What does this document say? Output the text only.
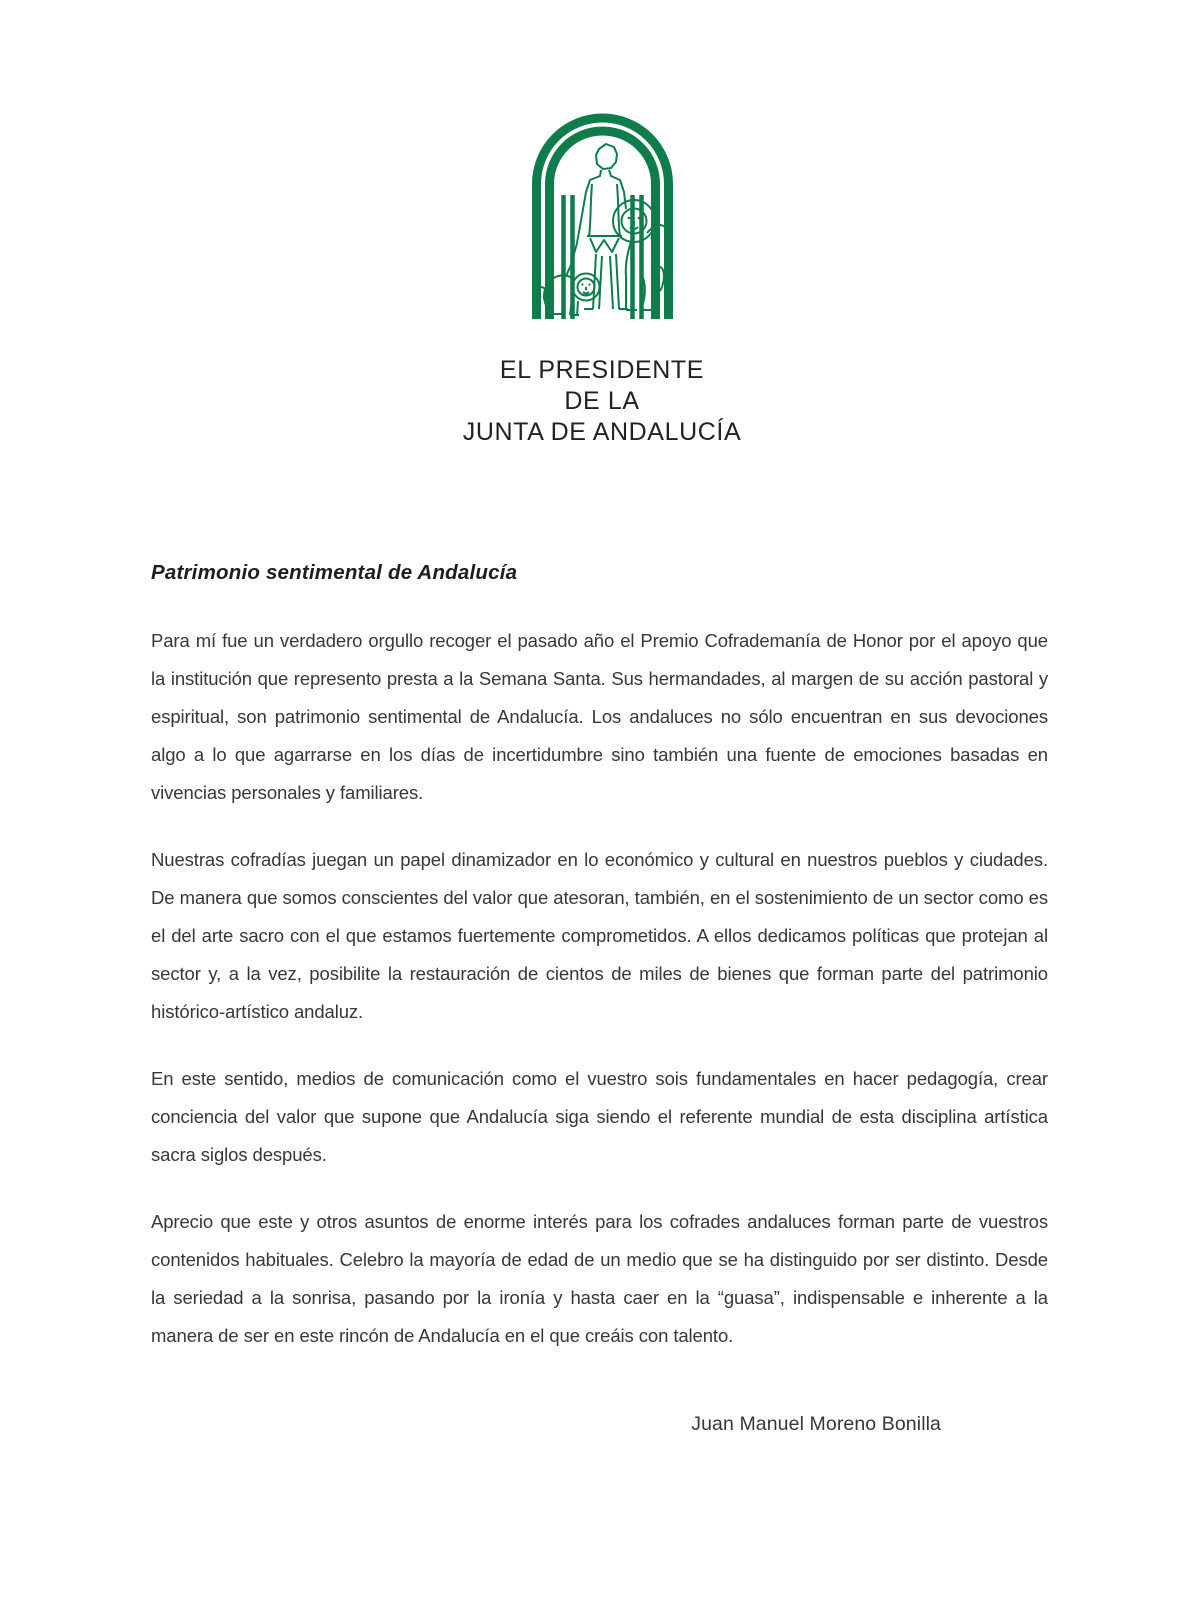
EL PRESIDENTE
DE LA
JUNTA DE ANDALUCÍA
Patrimonio sentimental de Andalucía

Para mí fue un verdadero orgullo recoger el pasado año el Premio Cofrademanía de Honor por el apoyo que la institución que represento presta a la Semana Santa. Sus hermandades, al margen de su acción pastoral y espiritual, son patrimonio sentimental de Andalucía. Los andaluces no sólo encuentran en sus devociones algo a lo que agarrarse en los días de incertidumbre sino también una fuente de emociones basadas en vivencias personales y familiares.

Nuestras cofradías juegan un papel dinamizador en lo económico y cultural en nuestros pueblos y ciudades. De manera que somos conscientes del valor que atesoran, también, en el sostenimiento de un sector como es el del arte sacro con el que estamos fuertemente comprometidos. A ellos dedicamos políticas que protejan al sector y, a la vez, posibilite la restauración de cientos de miles de bienes que forman parte del patrimonio histórico-artístico andaluz.

En este sentido, medios de comunicación como el vuestro sois fundamentales en hacer pedagogía, crear conciencia del valor que supone que Andalucía siga siendo el referente mundial de esta disciplina artística sacra siglos después.

Aprecio que este y otros asuntos de enorme interés para los cofrades andaluces forman parte de vuestros contenidos habituales. Celebro la mayoría de edad de un medio que se ha distinguido por ser distinto. Desde la seriedad a la sonrisa, pasando por la ironía y hasta caer en la “guasa”, indispensable e inherente a la manera de ser en este rincón de Andalucía en el que creáis con talento.

Juan Manuel Moreno Bonilla
